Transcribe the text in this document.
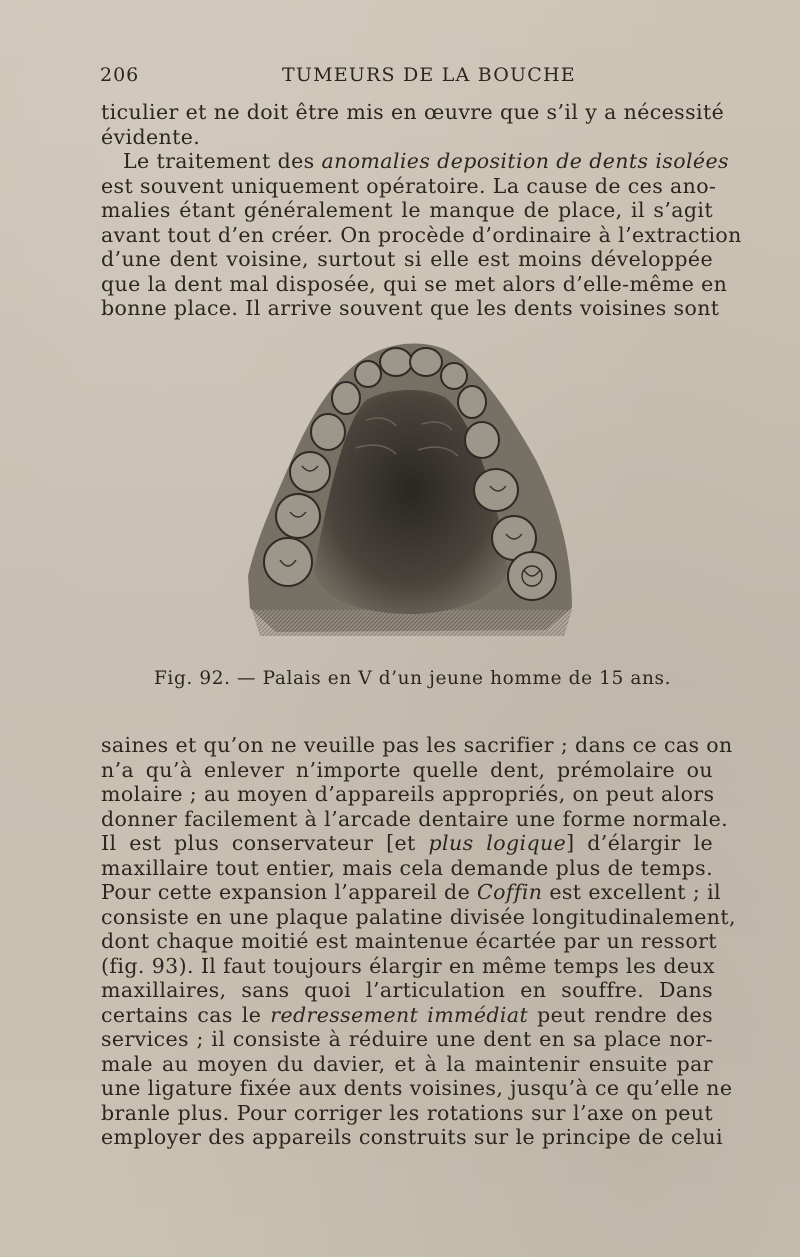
206	TUMEURS DE LA BOUCHE
ticulier et ne doit être mis en œuvre que s’il y a nécessité
évidente.
Le traitement des anomalies deposition de dents isolées
est souvent uniquement opératoire. La cause de ces ano-
malies étant généralement le manque de place, il s’agit
avant tout d’en créer. On procède d’ordinaire à l’extraction
d’une dent voisine, surtout si elle est moins développée
que la dent mal disposée, qui se met alors d’elle-même en
bonne place. Il arrive souvent que les dents voisines sont
Fig. 92. — Palais en V d’un jeune homme de 15 ans.
saines et qu’on ne veuille pas les sacrifier ; dans ce cas on
n’a qu’à enlever n’importe quelle dent, prémolaire ou
molaire ; au moyen d’appareils appropriés, on peut alors
donner facilement à l’arcade dentaire une forme normale.
Il est plus conservateur [et plus logique] d’élargir le
maxillaire tout entier, mais cela demande plus de temps.
Pour cette expansion l’appareil de Coffin est excellent ; il
consiste en une plaque palatine divisée longitudinalement,
dont chaque moitié est maintenue écartée par un ressort
(fig. 93). Il faut toujours élargir en même temps les deux
maxillaires, sans quoi l’articulation en souffre. Dans
certains cas le redressement immédiat peut rendre des
services ; il consiste à réduire une dent en sa place nor-
male au moyen du davier, et à la maintenir ensuite par
une ligature fixée aux dents voisines, jusqu’à ce qu’elle ne
branle plus. Pour corriger les rotations sur l’axe on peut
employer des appareils construits sur le principe de celui
